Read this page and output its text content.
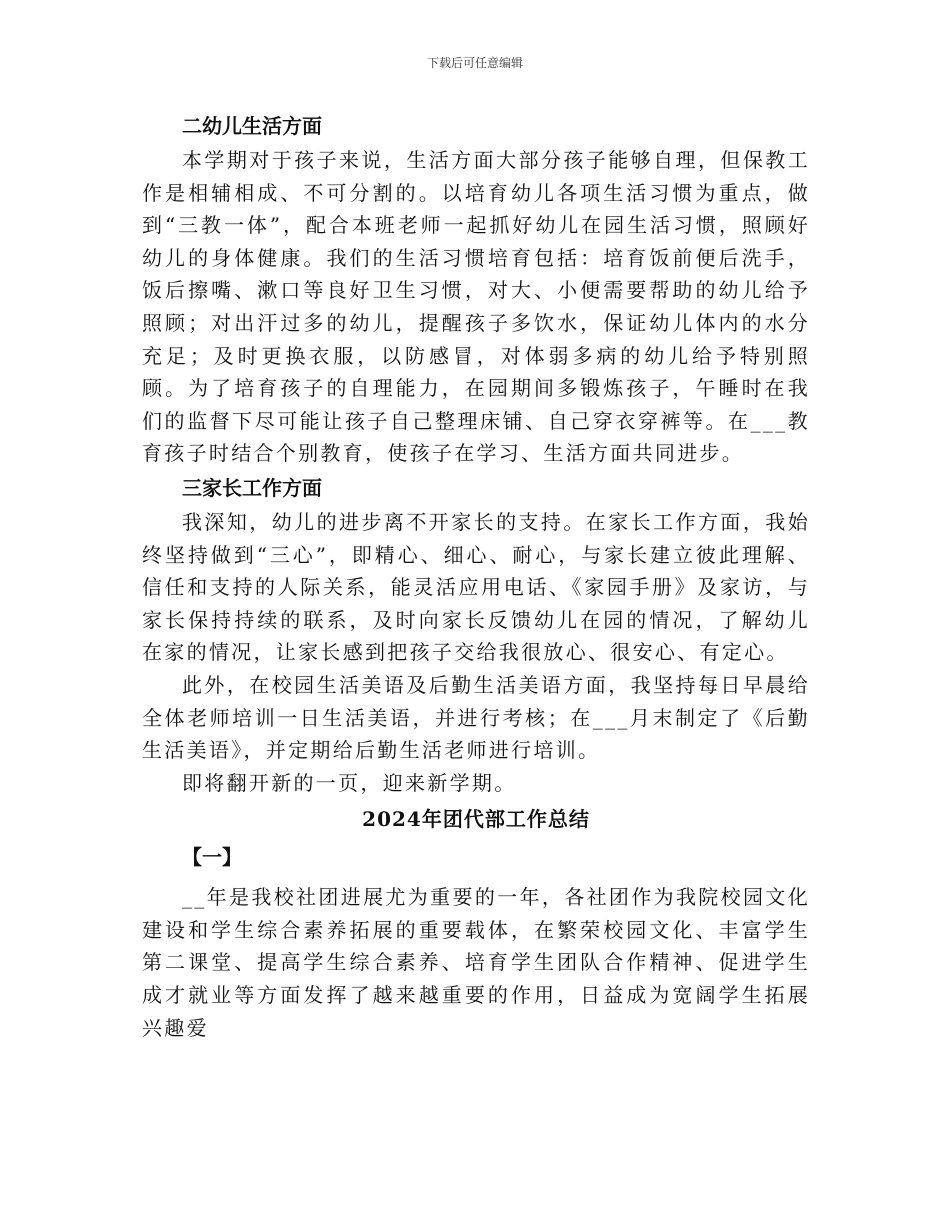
下载后可任意编辑

二幼儿生活方面

本学期对于孩子来说，生活方面大部分孩子能够自理，但保教工作是相辅相成、不可分割的。以培育幼儿各项生活习惯为重点，做到“三教一体”，配合本班老师一起抓好幼儿在园生活习惯，照顾好幼儿的身体健康。我们的生活习惯培育包括：培育饭前便后洗手，饭后擦嘴、漱口等良好卫生习惯，对大、小便需要帮助的幼儿给予照顾；对出汗过多的幼儿，提醒孩子多饮水，保证幼儿体内的水分充足；及时更换衣服，以防感冒，对体弱多病的幼儿给予特别照顾。为了培育孩子的自理能力，在园期间多锻炼孩子，午睡时在我们的监督下尽可能让孩子自己整理床铺、自己穿衣穿裤等。在___教育孩子时结合个别教育，使孩子在学习、生活方面共同进步。

三家长工作方面

我深知，幼儿的进步离不开家长的支持。在家长工作方面，我始终坚持做到“三心”，即精心、细心、耐心，与家长建立彼此理解、信任和支持的人际关系，能灵活应用电话、《家园手册》及家访，与家长保持持续的联系，及时向家长反馈幼儿在园的情况，了解幼儿在家的情况，让家长感到把孩子交给我很放心、很安心、有定心。

此外，在校园生活美语及后勤生活美语方面，我坚持每日早晨给全体老师培训一日生活美语，并进行考核；在___月末制定了《后勤生活美语》，并定期给后勤生活老师进行培训。

即将翻开新的一页，迎来新学期。

2024年团代部工作总结

【一】

__年是我校社团进展尤为重要的一年，各社团作为我院校园文化建设和学生综合素养拓展的重要载体，在繁荣校园文化、丰富学生第二课堂、提高学生综合素养、培育学生团队合作精神、促进学生成才就业等方面发挥了越来越重要的作用，日益成为宽阔学生拓展兴趣爱
